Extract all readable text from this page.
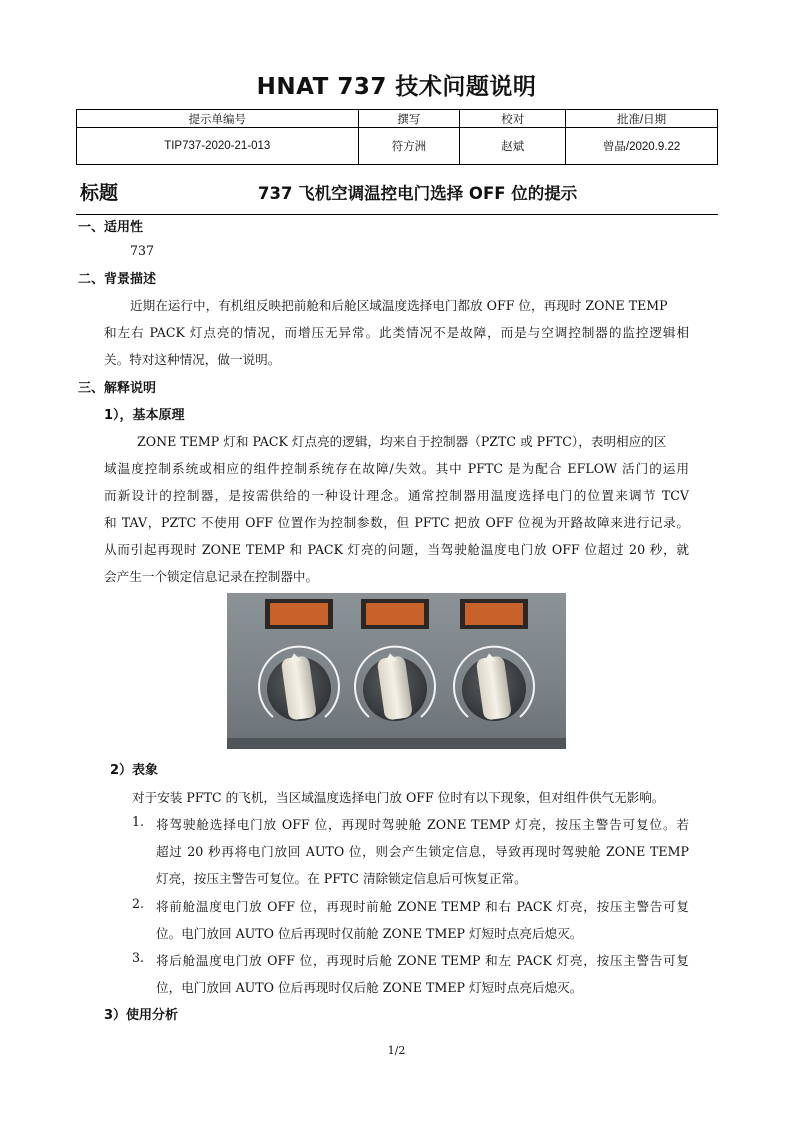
HNAT 737 技术问题说明
提示单编号	撰写	校对	批准/日期
TIP737-2020-21-013	符方洲	赵斌	曾晶/2020.9.22
标题	737 飞机空调温控电门选择 OFF 位的提示
一、适用性
737
二、背景描述
近期在运行中，有机组反映把前舱和后舱区域温度选择电门都放 OFF 位，再现时 ZONE TEMP
和左右 PACK 灯点亮的情况，而增压无异常。此类情况不是故障，而是与空调控制器的监控逻辑相
关。特对这种情况，做一说明。
三、解释说明
1），基本原理
ZONE TEMP 灯和 PACK 灯点亮的逻辑，均来自于控制器（PZTC 或 PFTC），表明相应的区
域温度控制系统或相应的组件控制系统存在故障/失效。其中 PFTC 是为配合 EFLOW 活门的运用
而新设计的控制器，是按需供给的一种设计理念。通常控制器用温度选择电门的位置来调节 TCV
和 TAV，PZTC 不使用 OFF 位置作为控制参数，但 PFTC 把放 OFF 位视为开路故障来进行记录。
从而引起再现时 ZONE TEMP 和 PACK 灯亮的问题，当驾驶舱温度电门放 OFF 位超过 20 秒，就
会产生一个锁定信息记录在控制器中。
2）表象
对于安装 PFTC 的飞机，当区域温度选择电门放 OFF 位时有以下现象，但对组件供气无影响。
1. 将驾驶舱选择电门放 OFF 位，再现时驾驶舱 ZONE TEMP 灯亮，按压主警告可复位。若
超过 20 秒再将电门放回 AUTO 位，则会产生锁定信息，导致再现时驾驶舱 ZONE TEMP
灯亮，按压主警告可复位。在 PFTC 清除锁定信息后可恢复正常。
2. 将前舱温度电门放 OFF 位，再现时前舱 ZONE TEMP 和右 PACK 灯亮，按压主警告可复
位。电门放回 AUTO 位后再现时仅前舱 ZONE TMEP 灯短时点亮后熄灭。
3. 将后舱温度电门放 OFF 位，再现时后舱 ZONE TEMP 和左 PACK 灯亮，按压主警告可复
位，电门放回 AUTO 位后再现时仅后舱 ZONE TMEP 灯短时点亮后熄灭。
3）使用分析
1/2
